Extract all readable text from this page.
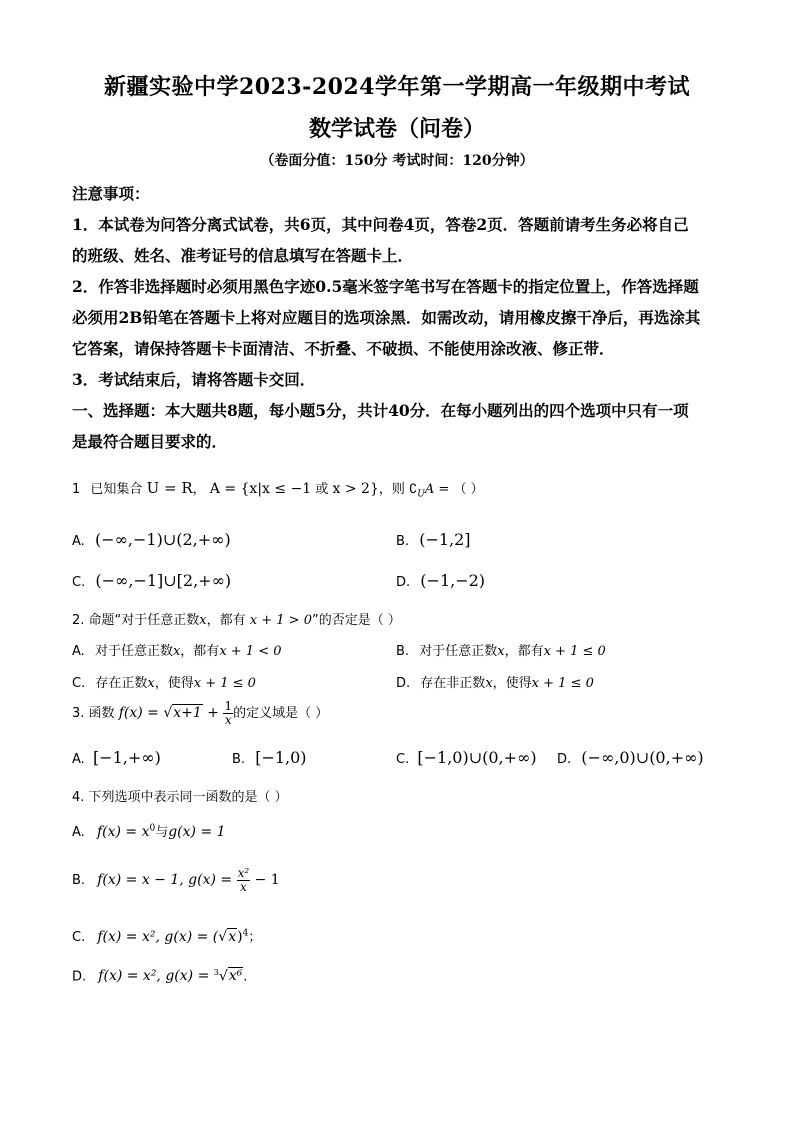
新疆实验中学2023-2024学年第一学期高一年级期中考试
数学试卷（问卷）
（卷面分值：150分 考试时间：120分钟）
注意事项：
1．本试卷为问答分离式试卷，共6页，其中问卷4页，答卷2页．答题前请考生务必将自己
的班级、姓名、准考证号的信息填写在答题卡上．
2．作答非选择题时必须用黑色字迹0.5毫米签字笔书写在答题卡的指定位置上，作答选择题
必须用2B铅笔在答题卡上将对应题目的选项涂黑．如需改动，请用橡皮擦干净后，再选涂其
它答案，请保持答题卡卡面清洁、不折叠、不破损、不能使用涂改液、修正带．
3．考试结束后，请将答题卡交回．
一、选择题：本大题共8题，每小题5分，共计40分．在每小题列出的四个选项中只有一项
是最符合题目要求的．
1 已知集合 U = R， A = {x|x ≤ −1 或 x > 2}，则 $∁_UA$ = （ ）
A. (−∞,−1)∪(2,+∞)	B. (−1,2]
C. (−∞,−1]∪[2,+∞)	D. (−1,−2)
2. 命题“对于任意正数x，都有 x + 1 > 0”的否定是（ ）
A. 对于任意正数x，都有x + 1 < 0	B. 对于任意正数x，都有x + 1 ≤ 0
C. 存在正数x，使得x + 1 ≤ 0	D. 存在非正数x，使得x + 1 ≤ 0
3. 函数 $f(x) = √x+1 + \frac{1}{x}$ 的定义域是（ ）
A. [−1,+∞)	B. [−1,0)	C. [−1,0)∪(0,+∞) D. (−∞,0)∪(0,+∞)
4. 下列选项中表示同一函数的是（ ）
A. $f(x) = x^0$与g(x) = 1
B. f(x) = x − 1, $g(x) = \frac{\text{x²}}{x} - 1$
C. f(x) = x², $g(x) = (√x)^4$；
D. f(x) = x², g(x) = $^3$√x⁶.
